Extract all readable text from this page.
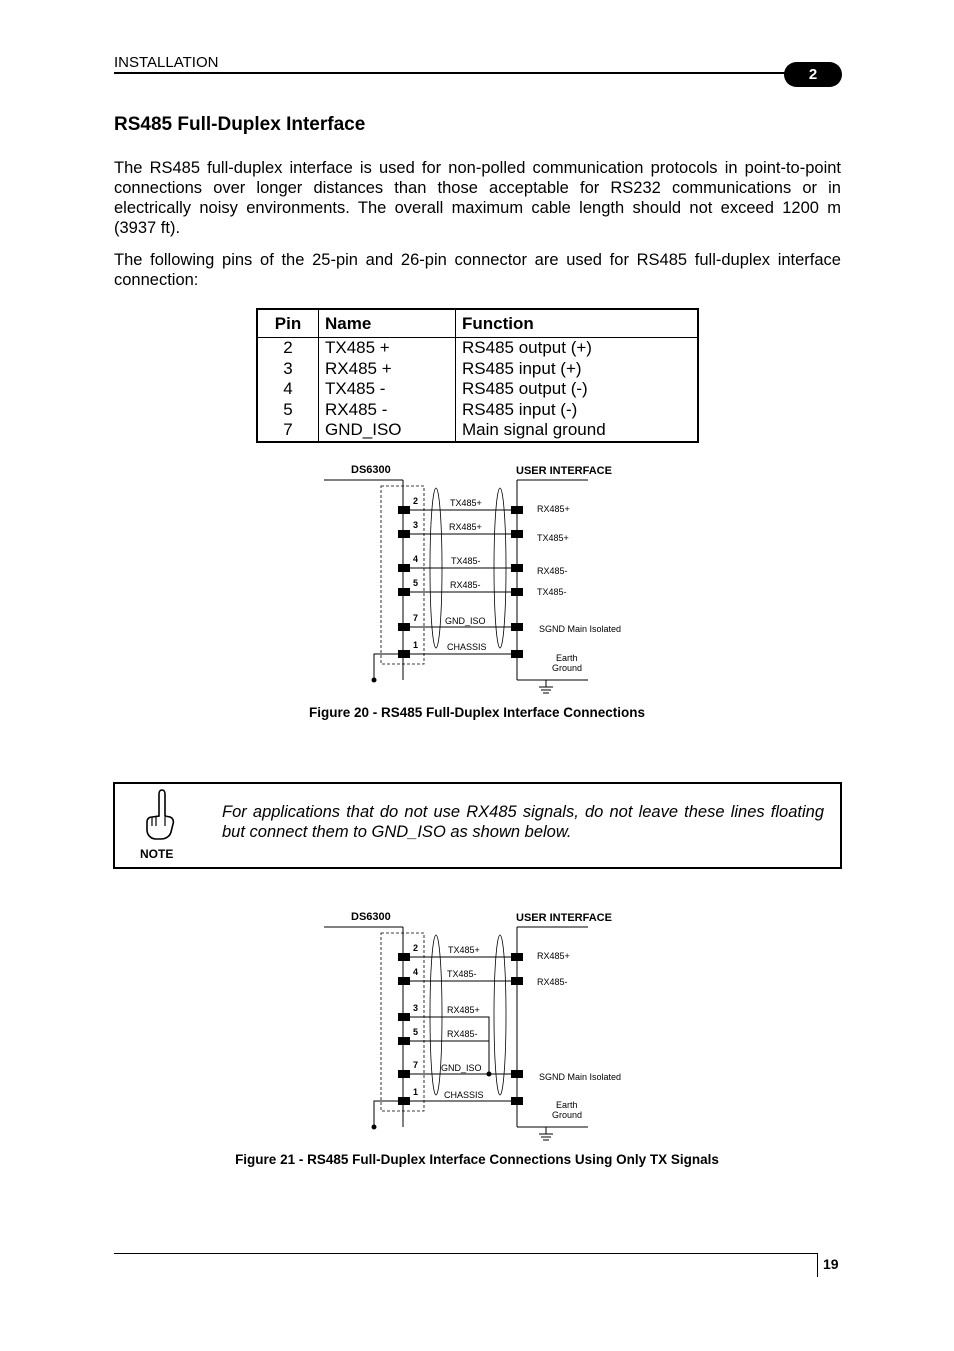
INSTALLATION
2
RS485 Full-Duplex Interface
The RS485 full-duplex interface is used for non-polled communication protocols in point-to-point connections over longer distances than those acceptable for RS232 communications or in electrically noisy environments. The overall maximum cable length should not exceed 1200 m (3937 ft).
The following pins of the 25-pin and 26-pin connector are used for RS485 full-duplex interface connection:
Pin	Name	Function
2	TX485 +	RS485 output (+)
3	RX485 +	RS485 input (+)
4	TX485 -	RS485 output (-)
5	RX485 -	RS485 input (-)
7	GND_ISO	Main signal ground
DS6300	USER INTERFACE
2
3
4
5
7
1
TX485+
RX485+
TX485-
RX485-
GND_ISO
CHASSIS
RX485+
TX485+
RX485-
TX485-
SGND Main Isolated
Earth
Ground
Figure 20 - RS485 Full-Duplex Interface Connections
NOTE
For applications that do not use RX485 signals, do not leave these lines floating but connect them to GND_ISO as shown below.
DS6300	USER INTERFACE
2
4
3
5
7
1
TX485+
TX485-
RX485+
RX485-
GND_ISO
CHASSIS
RX485+
RX485-
SGND Main Isolated
Earth
Ground
Figure 21 - RS485 Full-Duplex Interface Connections Using Only TX Signals
19
